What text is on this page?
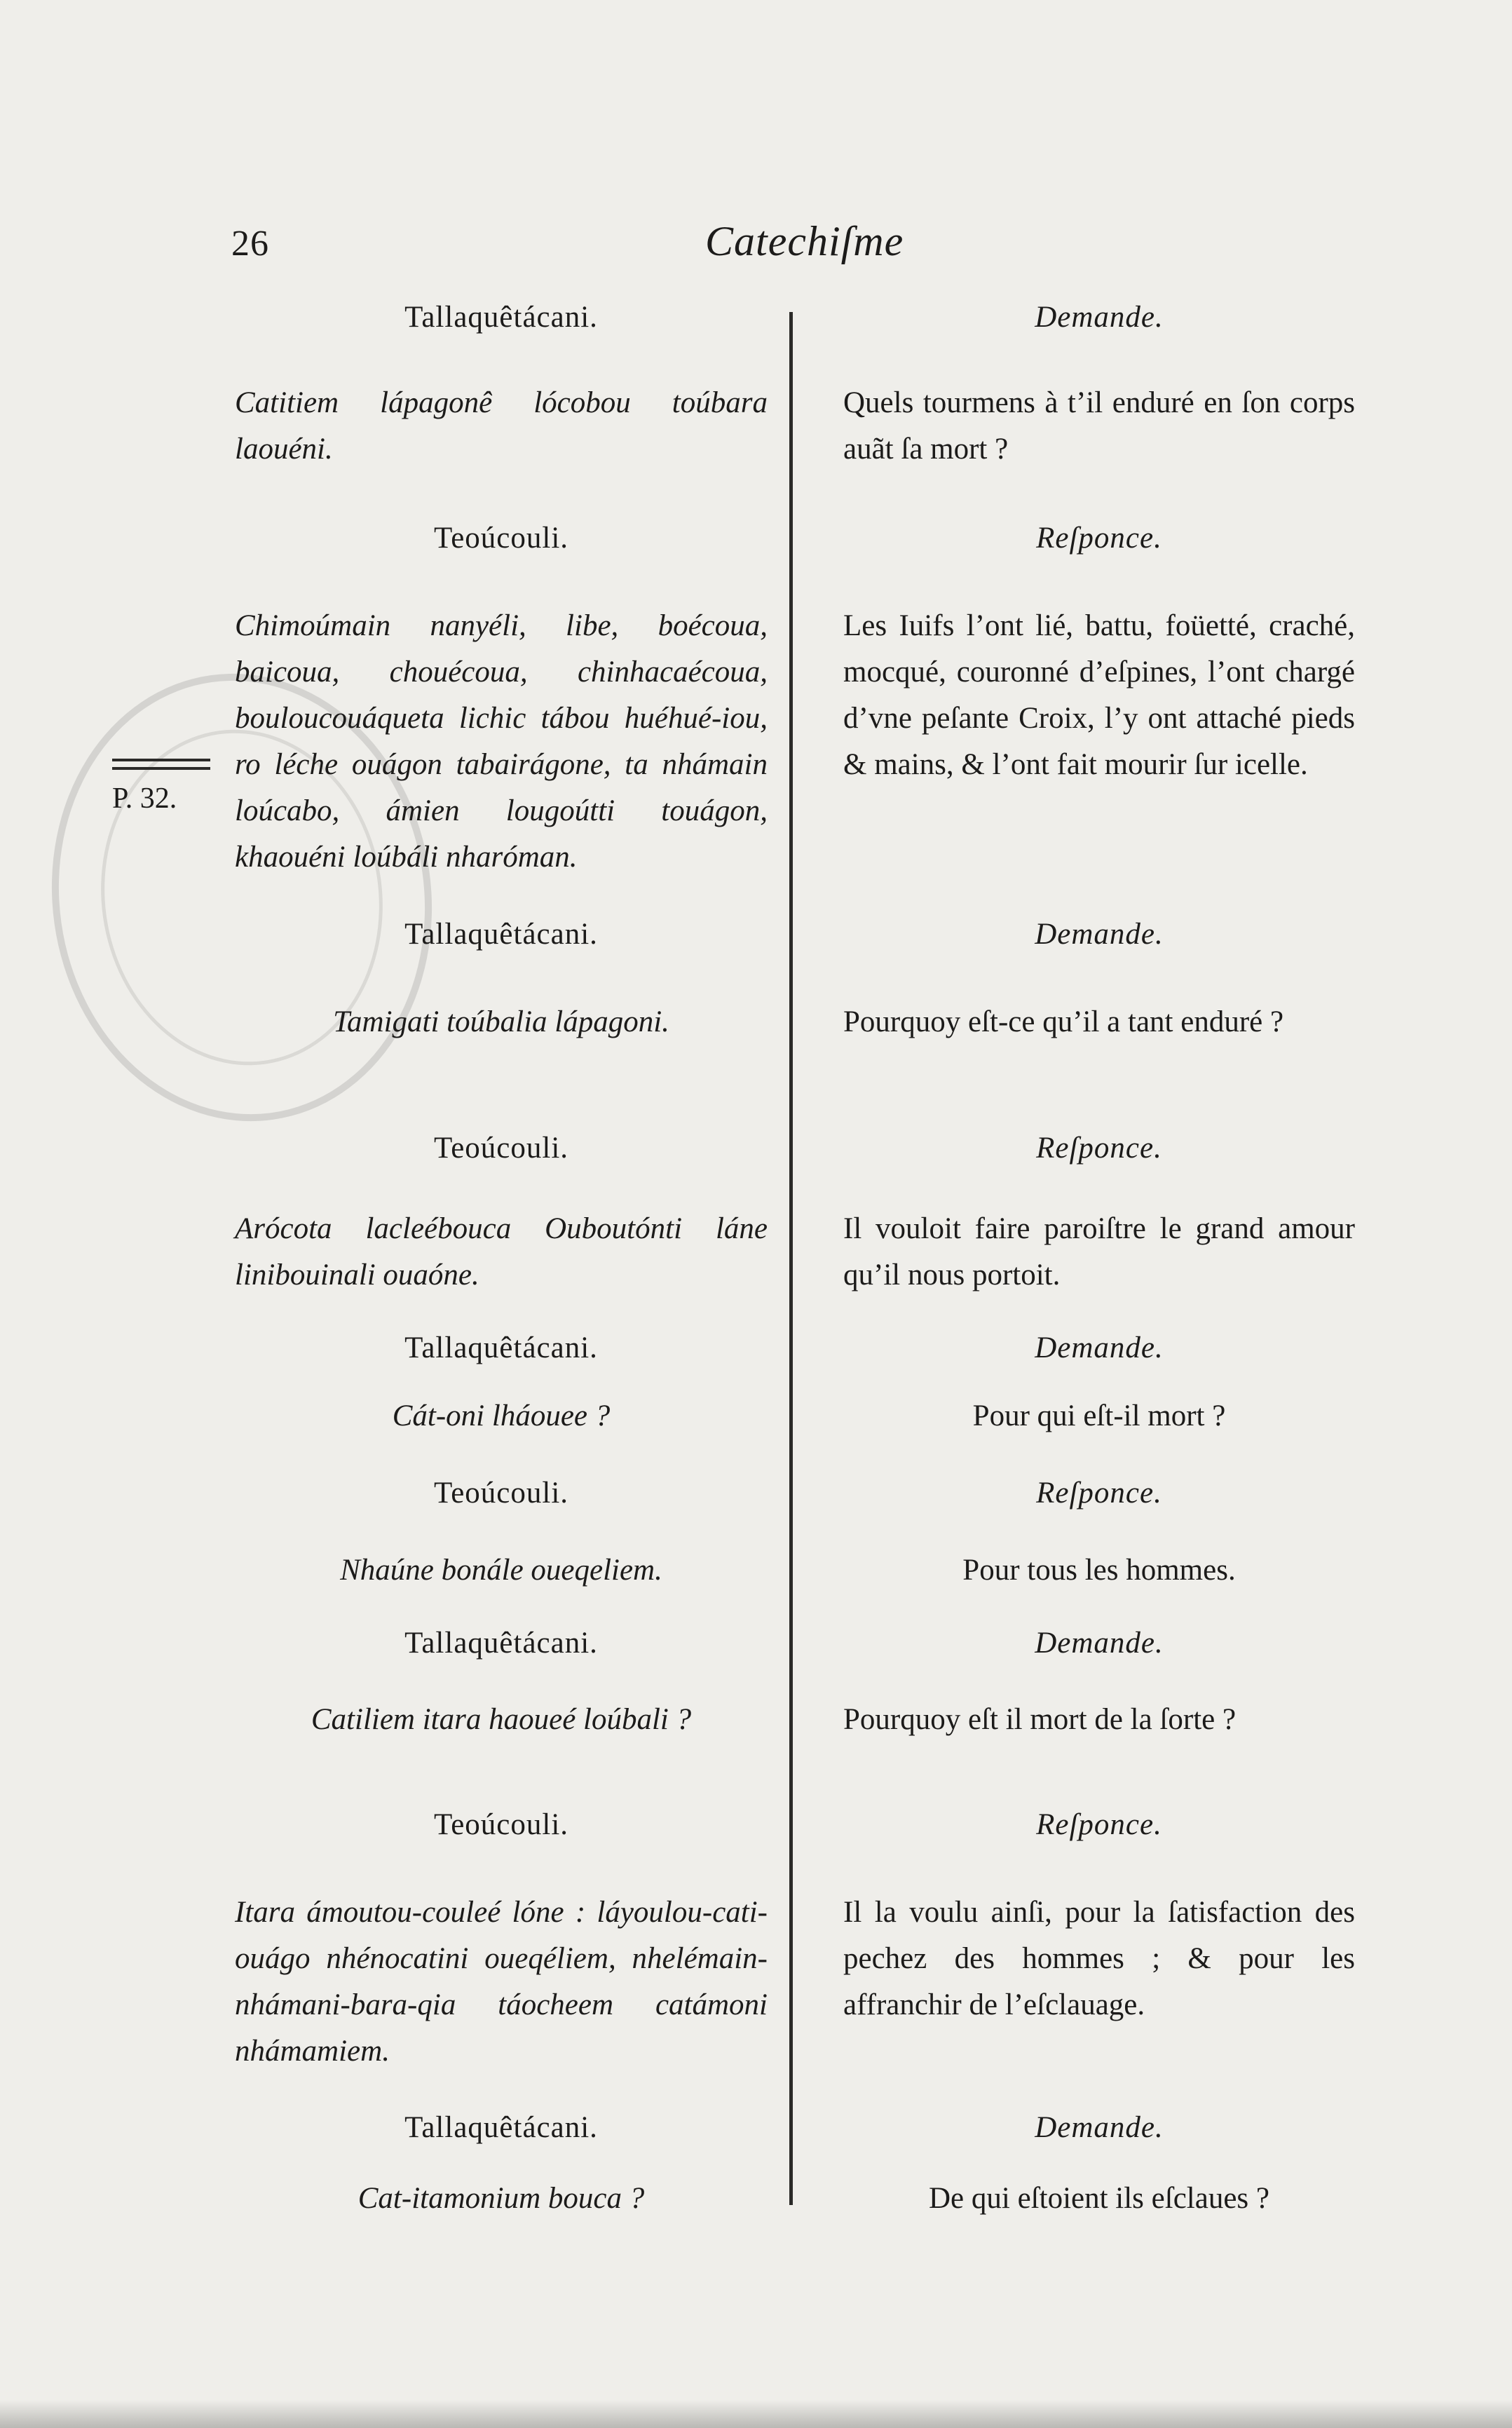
26	Catechiſme
P. 32.
Tallaquêtácani.
Catitiem lápagonê lócobou toúbara laouéni.
Teoúcouli.
Chimoúmain nanyéli, libe, boécoua, baicoua, chouécoua, chinhacaécoua, bouloucouáqueta lichic tábou huéhué-iou, ro léche ouágon tabairágone, ta nhámain loúcabo, ámien lougoútti touágon, khaouéni loúbáli nharóman.
Tallaquêtácani.
Tamigati toúbalia lápagoni.
Teoúcouli.
Arócota lacleébouca Ouboutónti láne linibouinali ouaóne.
Tallaquêtácani.
Cát-oni lháouee ?
Teoúcouli.
Nhaúne bonále oueqeliem.
Tallaquêtácani.
Catiliem itara haoueé loúbali ?
Teoúcouli.
Itara ámoutou-couleé lóne : láyoulou-cati-ouágo nhénocatini oueqéliem, nhelémain-nhámani-bara-qia táocheem catámoni nhámamiem.
Tallaquêtácani.
Cat-itamonium bouca ?
Demande.
Quels tourmens à t’il enduré en ſon corps auãt ſa mort ?
Reſponce.
Les Iuifs l’ont lié, battu, foüetté, craché, mocqué, couronné d’eſpines, l’ont chargé d’vne peſante Croix, l’y ont attaché pieds & mains, & l’ont fait mourir ſur icelle.
Demande.
Pourquoy eſt-ce qu’il a tant enduré ?
Reſponce.
Il vouloit faire paroiſtre le grand amour qu’il nous portoit.
Demande.
Pour qui eſt-il mort ?
Reſponce.
Pour tous les hommes.
Demande.
Pourquoy eſt il mort de la ſorte ?
Reſponce.
Il la voulu ainſi, pour la ſatisfaction des pechez des hommes ; & pour les affranchir de l’eſclauage.
Demande.
De qui eſtoient ils eſclaues ?
